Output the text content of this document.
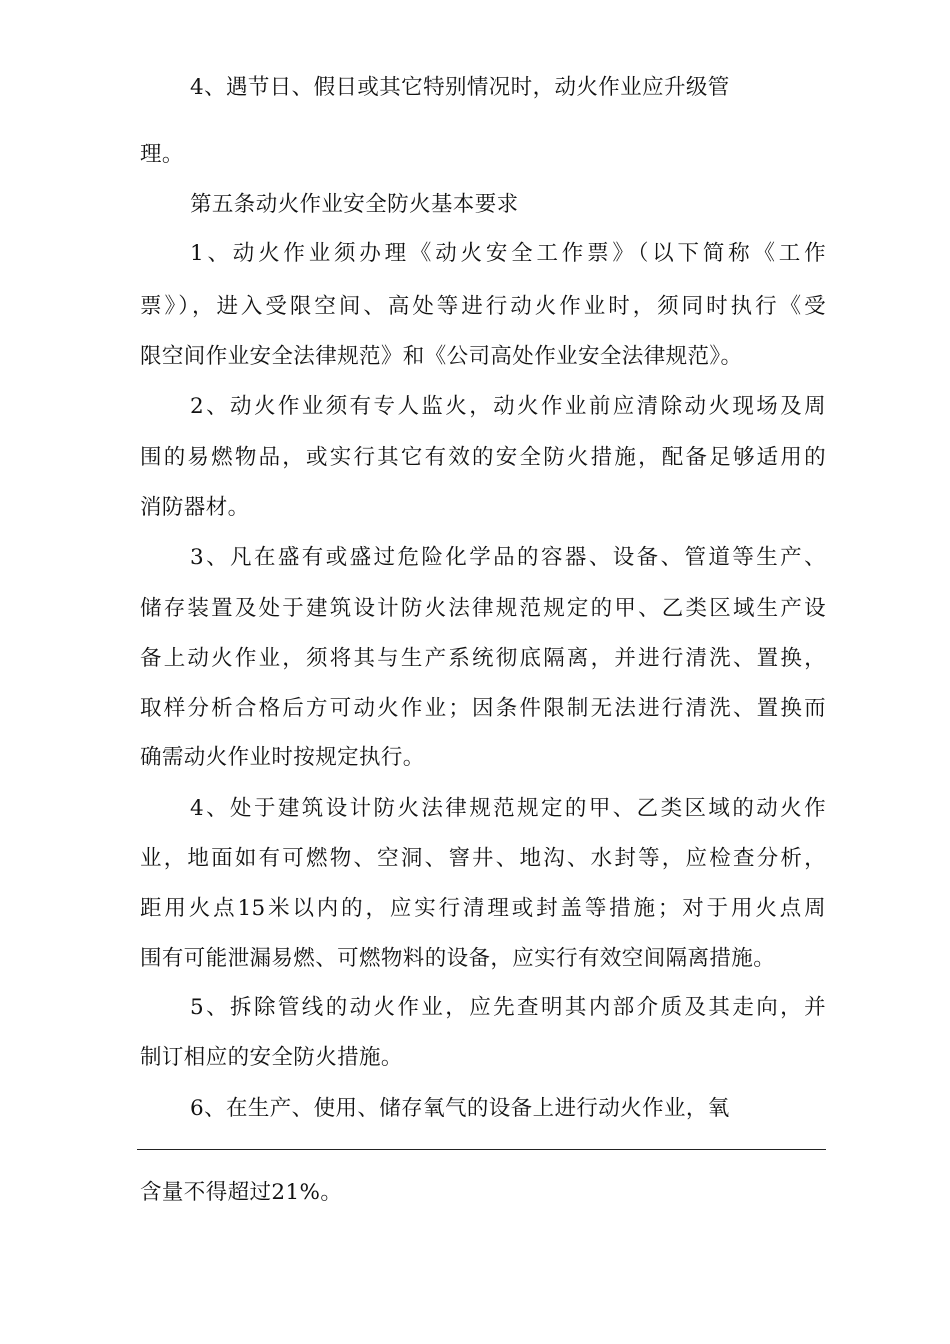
4、遇节日、假日或其它特别情况时，动火作业应升级管
理。
第五条动火作业安全防火基本要求
1、动火作业须办理《动火安全工作票》（以下简称《工作
票》），进入受限空间、高处等进行动火作业时，须同时执行《受
限空间作业安全法律规范》和《公司高处作业安全法律规范》。
2、动火作业须有专人监火，动火作业前应清除动火现场及周
围的易燃物品，或实行其它有效的安全防火措施，配备足够适用的
消防器材。
3、凡在盛有或盛过危险化学品的容器、设备、管道等生产、
储存装置及处于建筑设计防火法律规范规定的甲、乙类区域生产设
备上动火作业，须将其与生产系统彻底隔离，并进行清洗、置换，
取样分析合格后方可动火作业；因条件限制无法进行清洗、置换而
确需动火作业时按规定执行。
4、处于建筑设计防火法律规范规定的甲、乙类区域的动火作
业，地面如有可燃物、空洞、窨井、地沟、水封等，应检查分析，
距用火点15米以内的，应实行清理或封盖等措施；对于用火点周
围有可能泄漏易燃、可燃物料的设备，应实行有效空间隔离措施。
5、拆除管线的动火作业，应先查明其内部介质及其走向，并
制订相应的安全防火措施。
6、在生产、使用、储存氧气的设备上进行动火作业，氧
含量不得超过21%。
